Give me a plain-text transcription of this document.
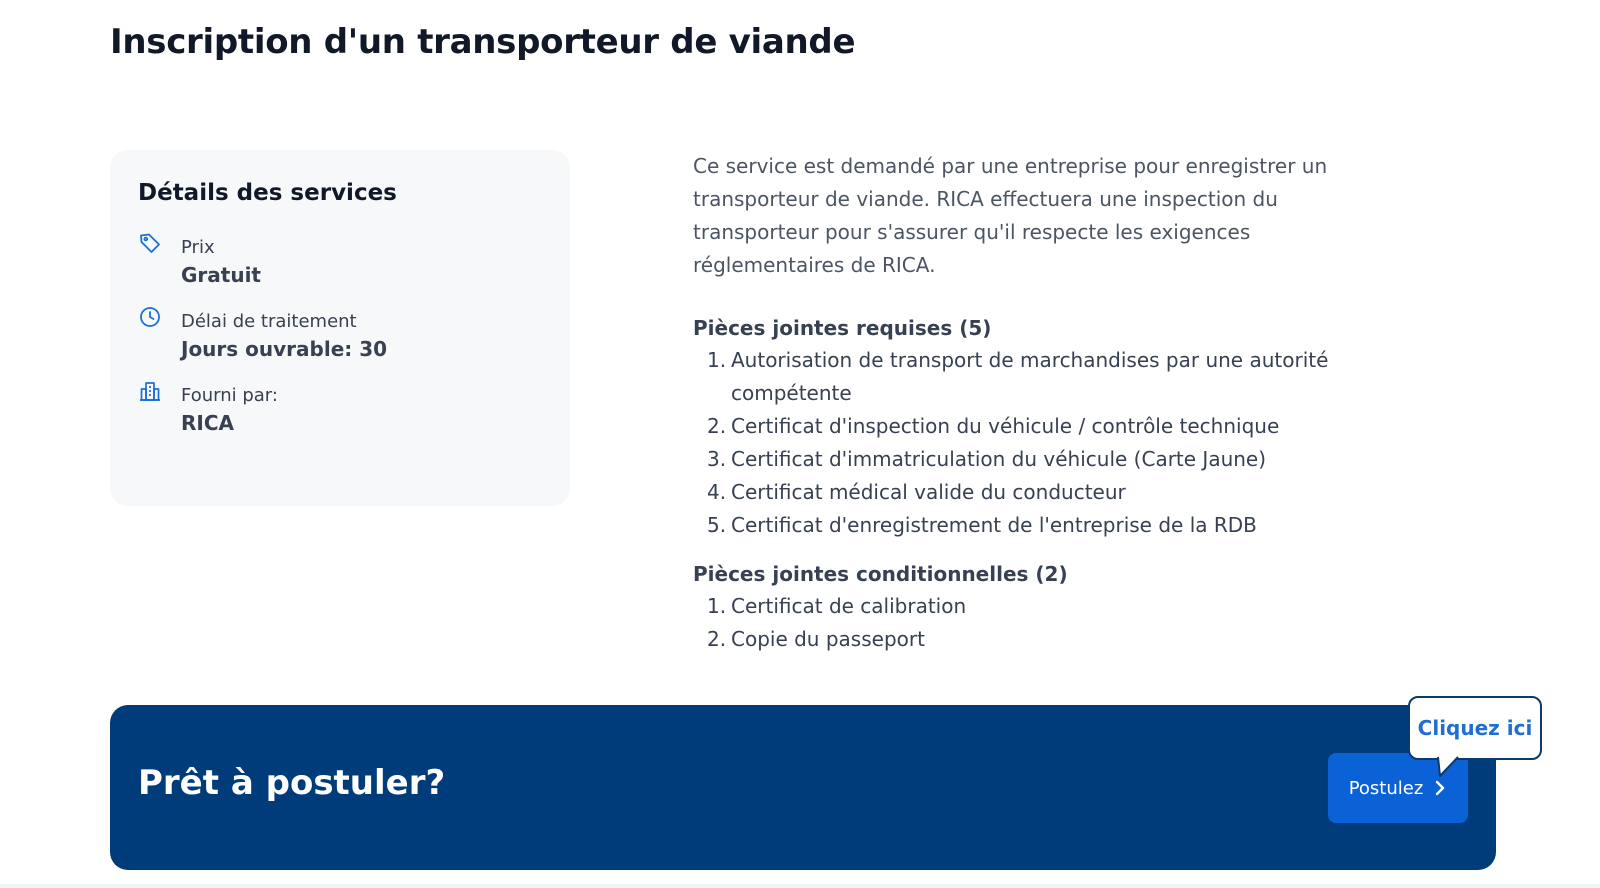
Inscription d'un transporteur de viande
Détails des services
Prix
Gratuit
Délai de traitement
Jours ouvrable: 30
Fourni par:
RICA

Ce service est demandé par une entreprise pour enregistrer un transporteur de viande. RICA effectuera une inspection du transporteur pour s'assurer qu'il respecte les exigences réglementaires de RICA.

Pièces jointes requises (5)
1. Autorisation de transport de marchandises par une autorité compétente
2. Certificat d'inspection du véhicule / contrôle technique
3. Certificat d'immatriculation du véhicule (Carte Jaune)
4. Certificat médical valide du conducteur
5. Certificat d'enregistrement de l'entreprise de la RDB
Pièces jointes conditionnelles (2)
1. Certificat de calibration
2. Copie du passeport
Prêt à postuler?	Postulez
Cliquez ici
